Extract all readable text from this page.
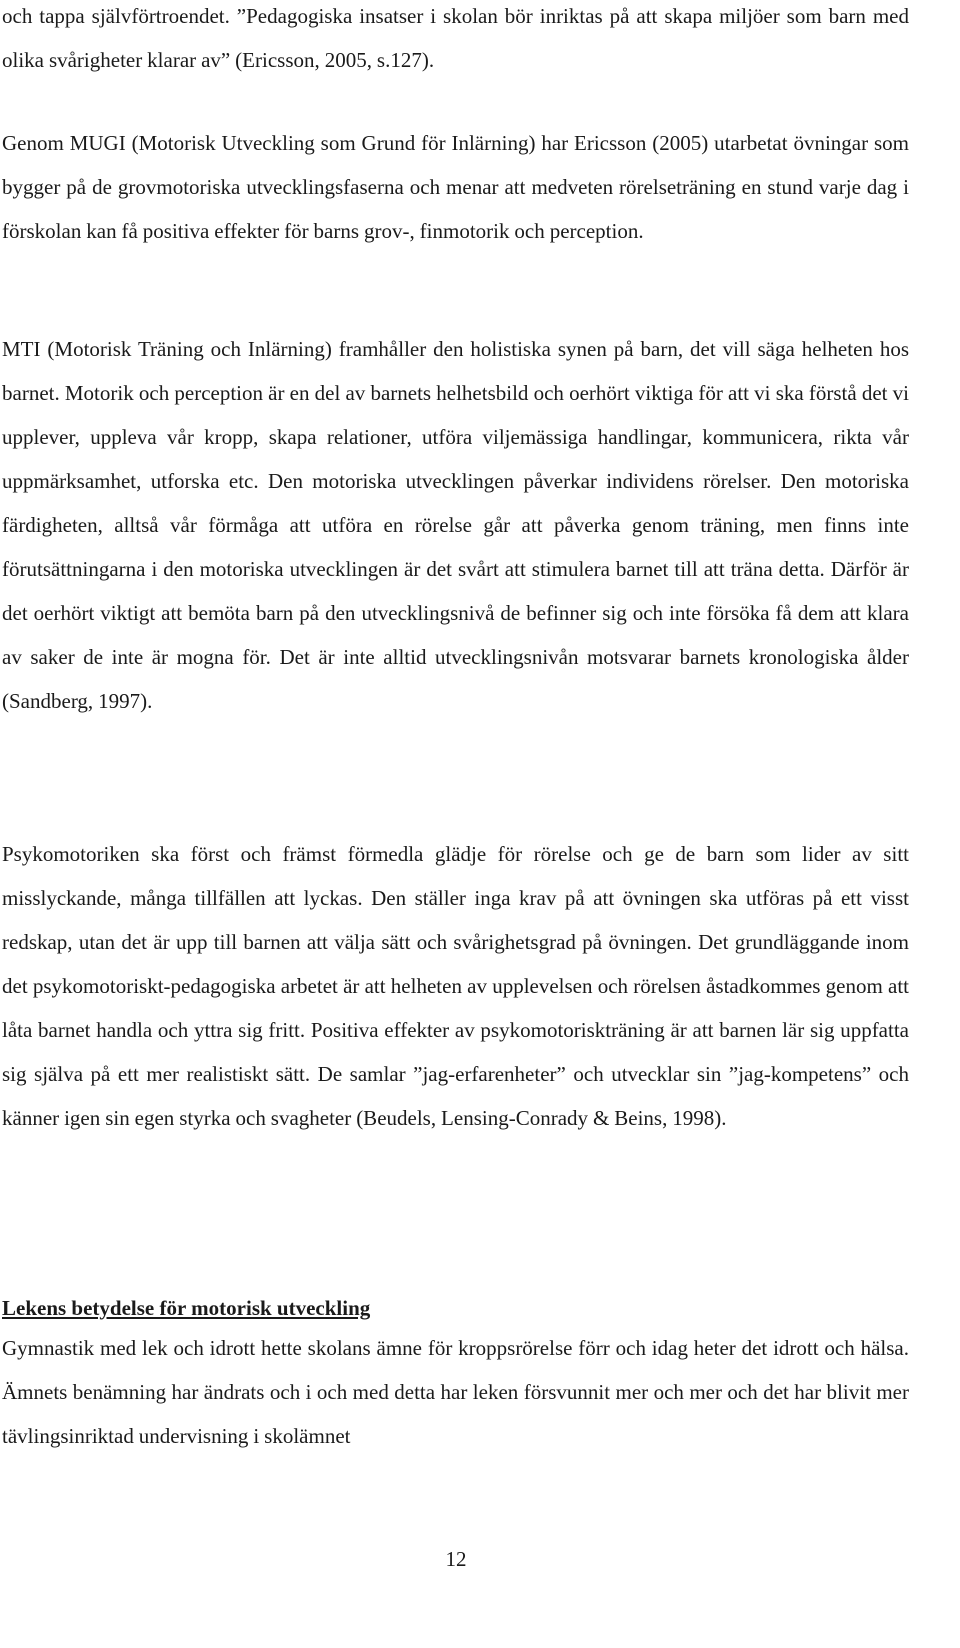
och tappa självförtroendet. ”Pedagogiska insatser i skolan bör inriktas på att skapa miljöer som barn med olika svårigheter klarar av” (Ericsson, 2005, s.127).

Genom MUGI (Motorisk Utveckling som Grund för Inlärning) har Ericsson (2005) utarbetat övningar som bygger på de grovmotoriska utvecklingsfaserna och menar att medveten rörelseträning en stund varje dag i förskolan kan få positiva effekter för barns grov-, finmotorik och perception.

MTI (Motorisk Träning och Inlärning) framhåller den holistiska synen på barn, det vill säga helheten hos barnet. Motorik och perception är en del av barnets helhetsbild och oerhört viktiga för att vi ska förstå det vi upplever, uppleva vår kropp, skapa relationer, utföra viljemässiga handlingar, kommunicera, rikta vår uppmärksamhet, utforska etc. Den motoriska utvecklingen påverkar individens rörelser. Den motoriska färdigheten, alltså vår förmåga att utföra en rörelse går att påverka genom träning, men finns inte förutsättningarna i den motoriska utvecklingen är det svårt att stimulera barnet till att träna detta. Därför är det oerhört viktigt att bemöta barn på den utvecklingsnivå de befinner sig och inte försöka få dem att klara av saker de inte är mogna för. Det är inte alltid utvecklingsnivån motsvarar barnets kronologiska ålder (Sandberg, 1997).

Psykomotoriken ska först och främst förmedla glädje för rörelse och ge de barn som lider av sitt misslyckande, många tillfällen att lyckas. Den ställer inga krav på att övningen ska utföras på ett visst redskap, utan det är upp till barnen att välja sätt och svårighetsgrad på övningen. Det grundläggande inom det psykomotoriskt-pedagogiska arbetet är att helheten av upplevelsen och rörelsen åstadkommes genom att låta barnet handla och yttra sig fritt. Positiva effekter av psykomotoriskträning är att barnen lär sig uppfatta sig själva på ett mer realistiskt sätt. De samlar ”jag-erfarenheter” och utvecklar sin ”jag-kompetens” och känner igen sin egen styrka och svagheter (Beudels, Lensing-Conrady & Beins, 1998).

Lekens betydelse för motorisk utveckling

Gymnastik med lek och idrott hette skolans ämne för kroppsrörelse förr och idag heter det idrott och hälsa. Ämnets benämning har ändrats och i och med detta har leken försvunnit mer och mer och det har blivit mer tävlingsinriktad undervisning i skolämnet

12
